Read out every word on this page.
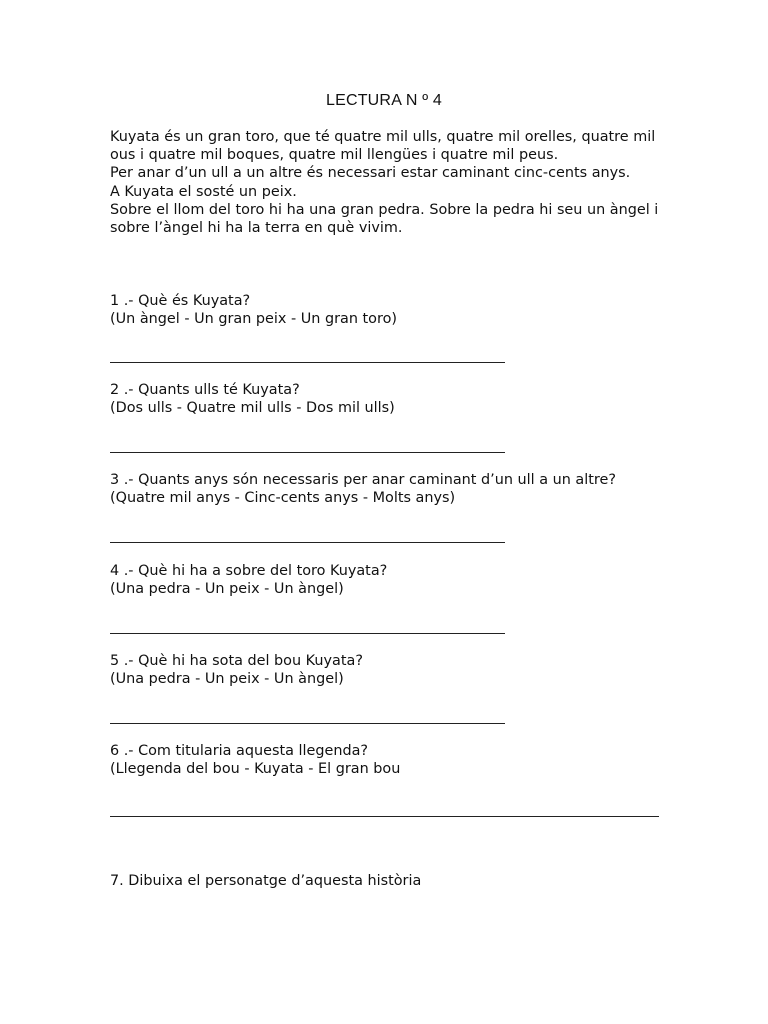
LECTURA N º 4

Kuyata és un gran toro, que té quatre mil ulls, quatre mil orelles, quatre mil ous i quatre mil boques, quatre mil llengües i quatre mil peus.

Per anar d’un ull a un altre és necessari estar caminant cinc-cents anys.

A Kuyata el sosté un peix.

Sobre el llom del toro hi ha una gran pedra. Sobre la pedra hi seu un àngel i sobre l’àngel hi ha la terra en què vivim.

1 .- Què és Kuyata?

(Un àngel - Un gran peix - Un gran toro)

2 .- Quants ulls té Kuyata?

(Dos ulls - Quatre mil ulls - Dos mil ulls)

3 .- Quants anys són necessaris per anar caminant d’un ull a un altre?

(Quatre mil anys - Cinc-cents anys - Molts anys)

4 .- Què hi ha a sobre del toro Kuyata?

(Una pedra - Un peix - Un àngel)

5 .- Què hi ha sota del bou Kuyata?

(Una pedra - Un peix - Un àngel)

6 .- Com titularia aquesta llegenda?

(Llegenda del bou - Kuyata - El gran bou

7. Dibuixa el personatge d’aquesta història
